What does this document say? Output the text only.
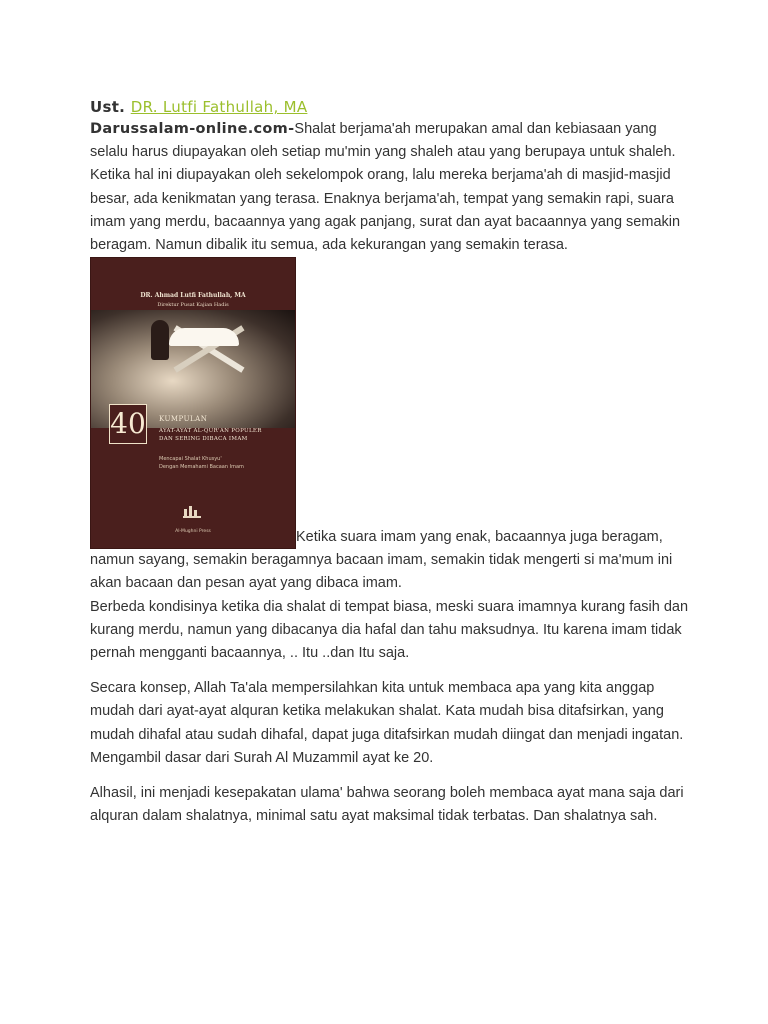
Ust. DR. Lutfi Fathullah, MA

Darussalam-online.com-Shalat berjama'ah merupakan amal dan kebiasaan yang selalu harus diupayakan oleh setiap mu'min yang shaleh atau yang berupaya untuk shaleh. Ketika hal ini diupayakan oleh sekelompok orang, lalu mereka berjama'ah di masjid-masjid besar, ada kenikmatan yang terasa. Enaknya berjama'ah, tempat yang semakin rapi, suara imam yang merdu, bacaannya yang agak panjang, surat dan ayat bacaannya yang semakin beragam. Namun dibalik itu semua, ada kekurangan yang semakin terasa.

DR. Ahmad Lutfi Fathullah, MA
Direktur Pusat Kajian Hadis
40 KUMPULAN
AYAT-AYAT AL-QUR'AN POPULER
DAN SERING DIBACA IMAM
Mencapai Shalat Khusyu'
Dengan Memahami Bacaan Imam
Al-Mughni Press	Ketika suara imam yang enak, bacaannya juga beragam, namun sayang, semakin beragamnya bacaan imam, semakin tidak mengerti si ma'mum ini akan bacaan dan pesan ayat yang dibaca imam.

Berbeda kondisinya ketika dia shalat di tempat biasa, meski suara imamnya kurang fasih dan kurang merdu, namun yang dibacanya dia hafal dan tahu maksudnya. Itu karena imam tidak pernah mengganti bacaannya, .. Itu ..dan Itu saja.

Secara konsep, Allah Ta'ala mempersilahkan kita untuk membaca apa yang kita anggap mudah dari ayat-ayat alquran ketika melakukan shalat. Kata mudah bisa ditafsirkan, yang mudah dihafal atau sudah dihafal, dapat juga ditafsirkan mudah diingat dan menjadi ingatan. Mengambil dasar dari Surah Al Muzammil ayat ke 20.

Alhasil, ini menjadi kesepakatan ulama' bahwa seorang boleh membaca ayat mana saja dari alquran dalam shalatnya, minimal satu ayat maksimal tidak terbatas. Dan shalatnya sah.
